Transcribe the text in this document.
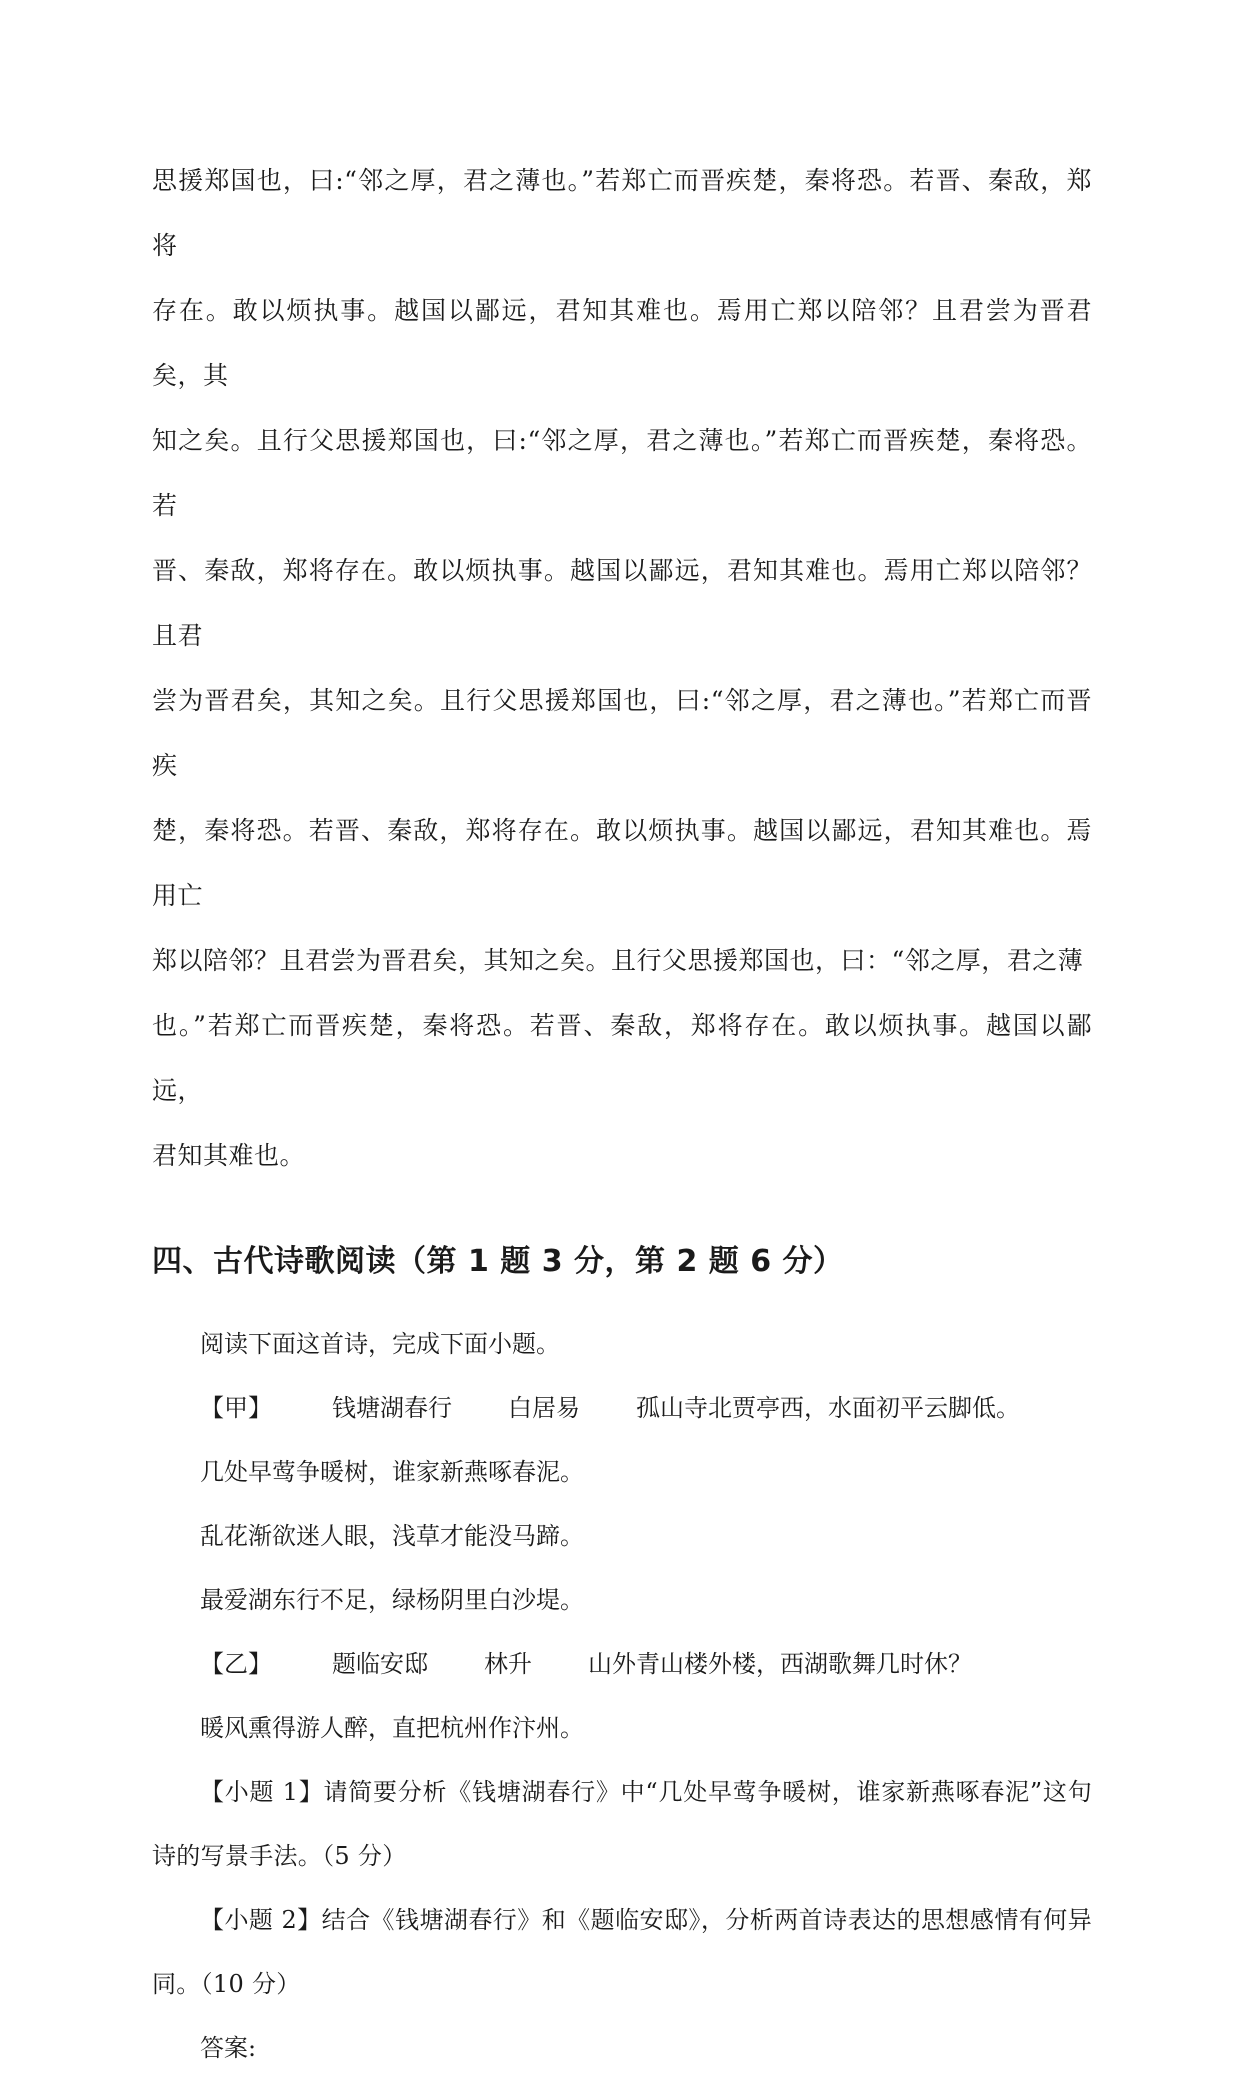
思援郑国也，曰:“邻之厚，君之薄也。”若郑亡而晋疾楚，秦将恐。若晋、秦敌，郑将

存在。敢以烦执事。越国以鄙远，君知其难也。焉用亡郑以陪邻？且君尝为晋君矣，其

知之矣。且行父思援郑国也，曰:“邻之厚，君之薄也。”若郑亡而晋疾楚，秦将恐。若

晋、秦敌，郑将存在。敢以烦执事。越国以鄙远，君知其难也。焉用亡郑以陪邻？且君

尝为晋君矣，其知之矣。且行父思援郑国也，曰:“邻之厚，君之薄也。”若郑亡而晋疾

楚，秦将恐。若晋、秦敌，郑将存在。敢以烦执事。越国以鄙远，君知其难也。焉用亡

郑以陪邻？且君尝为晋君矣，其知之矣。且行父思援郑国也，曰：“邻之厚，君之薄

也。”若郑亡而晋疾楚，秦将恐。若晋、秦敌，郑将存在。敢以烦执事。越国以鄙远，

君知其难也。

四、古代诗歌阅读（第 1 题 3 分，第 2 题 6 分）

阅读下面这首诗，完成下面小题。

【甲】	钱塘湖春行 白居易 孤山寺北贾亭西，水面初平云脚低。

几处早莺争暖树，谁家新燕啄春泥。

乱花渐欲迷人眼，浅草才能没马蹄。

最爱湖东行不足，绿杨阴里白沙堤。

【乙】	题临安邸 林升 山外青山楼外楼，西湖歌舞几时休？

暖风熏得游人醉，直把杭州作汴州。

【小题 1】请简要分析《钱塘湖春行》中“几处早莺争暖树，谁家新燕啄春泥”这句诗的写景手法。（5 分）

【小题 2】结合《钱塘湖春行》和《题临安邸》，分析两首诗表达的思想感情有何异同。（10 分）

答案:
